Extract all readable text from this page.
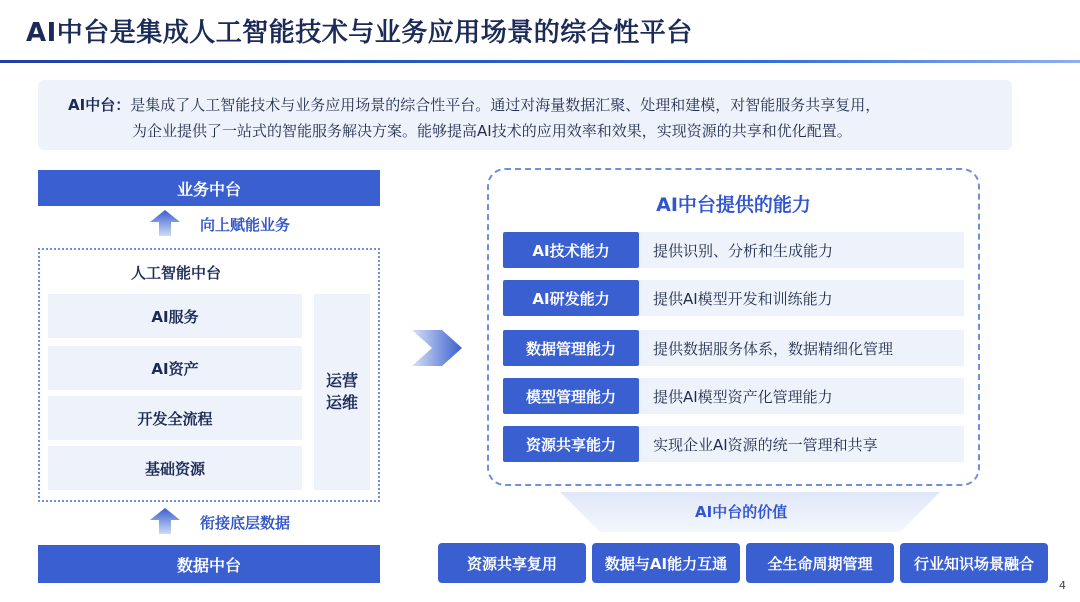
AI中台是集成人工智能技术与业务应用场景的综合性平台
AI中台：是集成了人工智能技术与业务应用场景的综合性平台。通过对海量数据汇聚、处理和建模，对智能服务共享复用，
为企业提供了一站式的智能服务解决方案。能够提高AI技术的应用效率和效果，实现资源的共享和优化配置。
业务中台
向上赋能业务
人工智能中台
AI服务
AI资产
开发全流程
基础资源
运营
运维
衔接底层数据
数据中台
AI中台提供的能力
AI技术能力	提供识别、分析和生成能力
AI研发能力	提供AI模型开发和训练能力
数据管理能力	提供数据服务体系，数据精细化管理
模型管理能力	提供AI模型资产化管理能力
资源共享能力	实现企业AI资源的统一管理和共享
AI中台的价值
资源共享复用	数据与AI能力互通	全生命周期管理	行业知识场景融合
4
